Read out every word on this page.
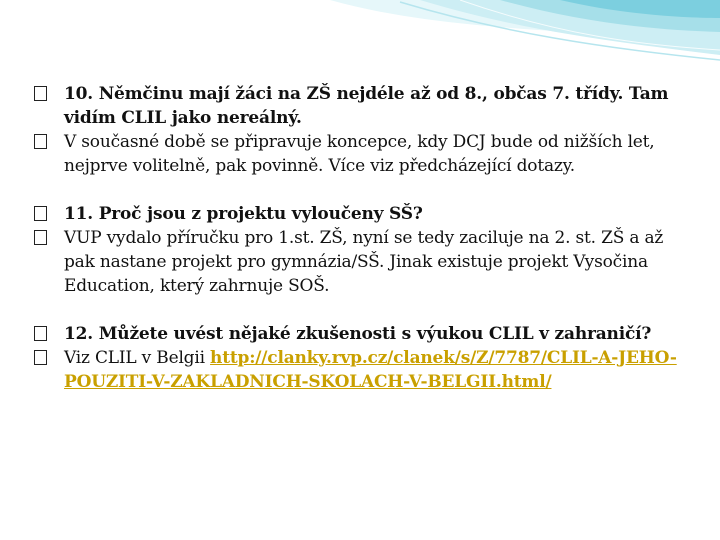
10. Němčinu mají žáci na ZŠ nejdéle až od 8., občas 7. třídy. Tam vidím CLIL jako nereálný.

V současné době se připravuje koncepce, kdy DCJ bude od nižších let, nejprve volitelně, pak povinně. Více viz předcházející dotazy.

11. Proč jsou z projektu vyloučeny SŠ?

VUP vydalo příručku pro 1.st. ZŠ, nyní se tedy zaciluje na 2. st. ZŠ a až pak nastane projekt pro gymnázia/SŠ. Jinak existuje projekt Vysočina Education, který zahrnuje SOŠ.

12. Můžete uvést nějaké zkušenosti s výukou CLIL v zahraničí?

Viz CLIL v Belgii http://clanky.rvp.cz/clanek/s/Z/7787/CLIL-A-JEHO-POUZITI-V-ZAKLADNICH-SKOLACH-V-BELGII.html/
